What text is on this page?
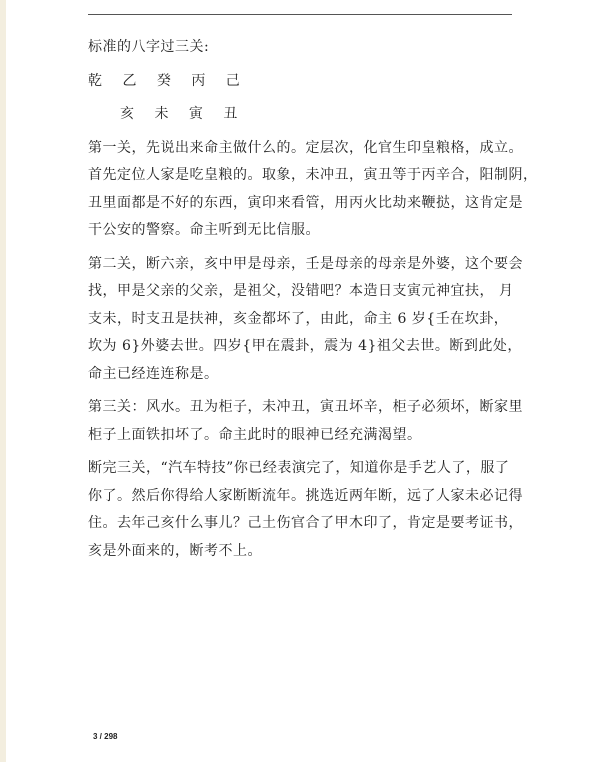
标准的八字过三关:
乾 乙 癸 丙 己
亥 未 寅 丑
第一关，先说出来命主做什么的。定层次，化官生印皇粮格，成立。
首先定位人家是吃皇粮的。取象，未冲丑，寅丑等于丙辛合，阳制阴，
丑里面都是不好的东西，寅印来看管，用丙火比劫来鞭挞，这肯定是
干公安的警察。命主听到无比信服。
第二关，断六亲，亥中甲是母亲，壬是母亲的母亲是外婆，这个要会
找，甲是父亲的父亲，是祖父，没错吧？本造日支寅元神宜扶， 月
支未，时支丑是扶神，亥金都坏了，由此，命主 6 岁{壬在坎卦，
坎为 6}外婆去世。四岁{甲在震卦，震为 4}祖父去世。断到此处，
命主已经连连称是。
第三关：风水。丑为柜子，未冲丑，寅丑坏辛，柜子必须坏，断家里
柜子上面铁扣坏了。命主此时的眼神已经充满渴望。
断完三关，“汽车特技”你已经表演完了，知道你是手艺人了，服了
你了。然后你得给人家断断流年。挑选近两年断，远了人家未必记得
住。去年己亥什么事儿？己土伤官合了甲木印了，肯定是要考证书，
亥是外面来的，断考不上。
3 / 298
